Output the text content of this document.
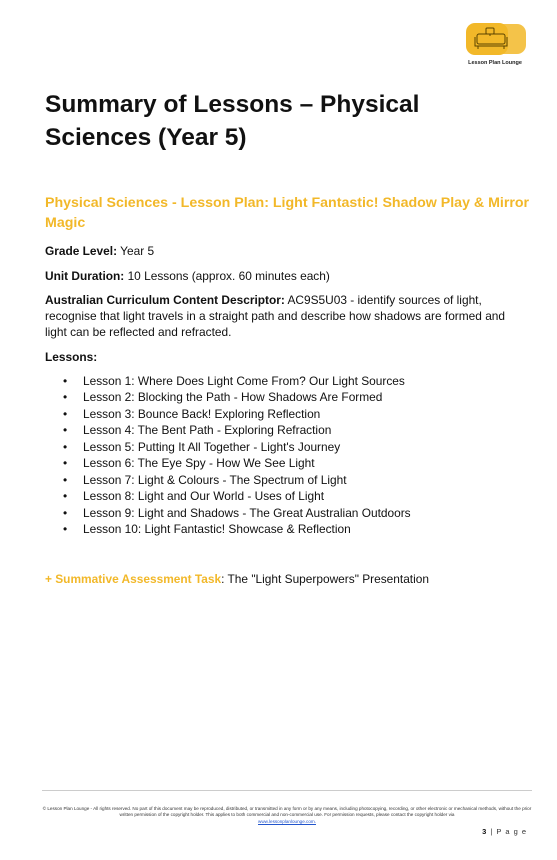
Lesson Plan Lounge
Summary of Lessons – Physical Sciences (Year 5)
Physical Sciences - Lesson Plan: Light Fantastic! Shadow Play & Mirror Magic

Grade Level: Year 5

Unit Duration: 10 Lessons (approx. 60 minutes each)

Australian Curriculum Content Descriptor: AC9S5U03 - identify sources of light, recognise that light travels in a straight path and describe how shadows are formed and light can be reflected and refracted.

Lessons:

• Lesson 1: Where Does Light Come From? Our Light Sources
• Lesson 2: Blocking the Path - How Shadows Are Formed
• Lesson 3: Bounce Back! Exploring Reflection
• Lesson 4: The Bent Path - Exploring Refraction
• Lesson 5: Putting It All Together - Light's Journey
• Lesson 6: The Eye Spy - How We See Light
• Lesson 7: Light & Colours - The Spectrum of Light
• Lesson 8: Light and Our World - Uses of Light
• Lesson 9: Light and Shadows - The Great Australian Outdoors
• Lesson 10: Light Fantastic! Showcase & Reflection

+ Summative Assessment Task: The "Light Superpowers" Presentation

© Lesson Plan Lounge - All rights reserved. No part of this document may be reproduced, distributed, or transmitted in any form or by any means, including photocopying, recording, or other electronic or mechanical methods, without the prior written permission of the copyright holder. This applies to both commercial and non-commercial use. For permission requests, please contact the copyright holder via
www.lessonplanlounge.com.
3 | P a g e
